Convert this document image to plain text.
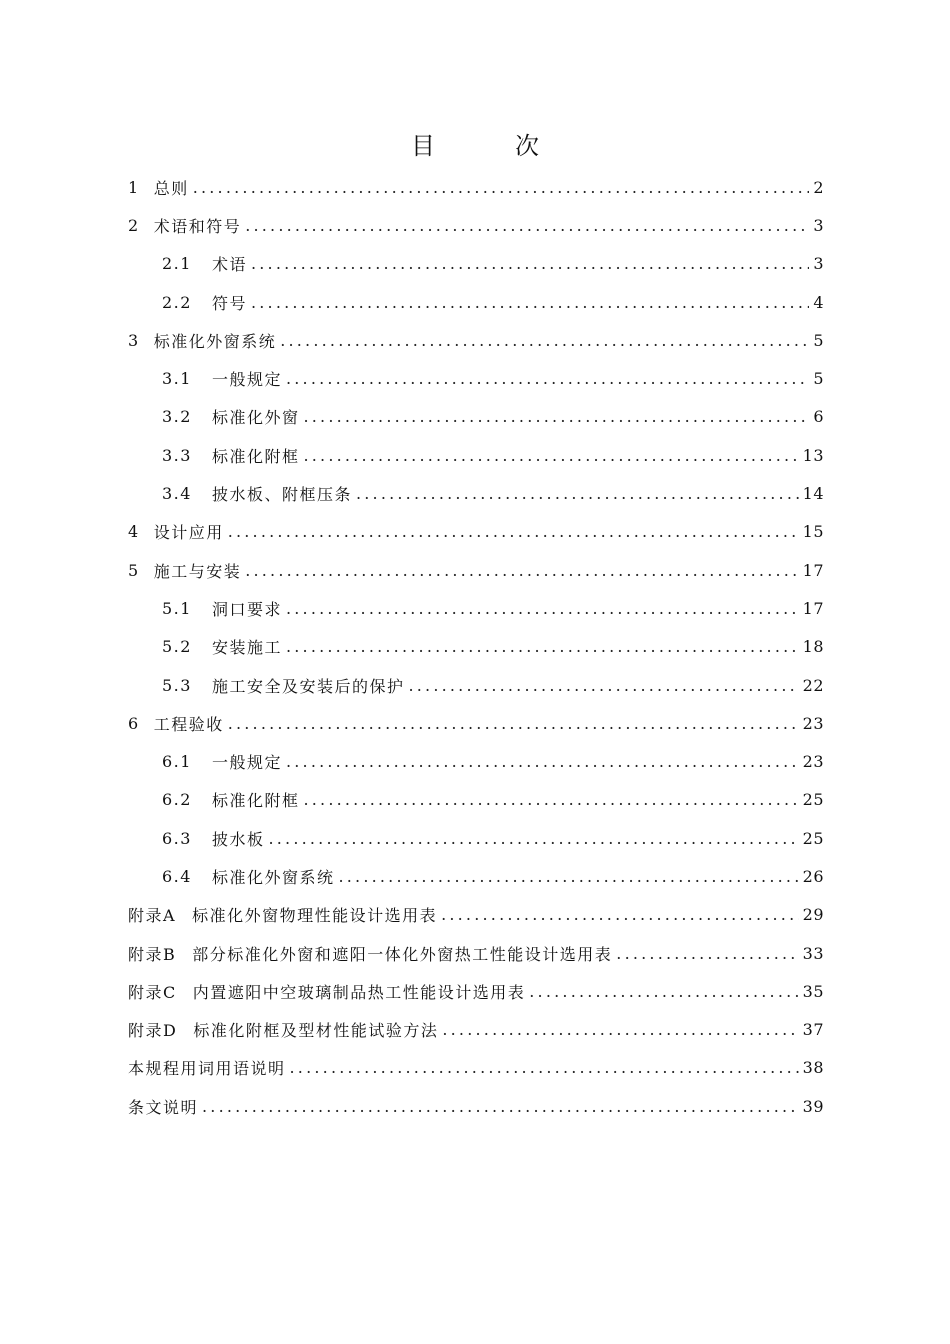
目　次
1 总则 .....	2
2 术语和符号 .....	3
2.1 术语 .....	3
2.2 符号 .....	4
3 标准化外窗系统 .....	5
3.1 一般规定 .....	5
3.2 标准化外窗 .....	6
3.3 标准化附框 .....	13
3.4 披水板、附框压条 .....	14
4 设计应用 .....	15
5 施工与安装 .....	17
5.1 洞口要求 .....	17
5.2 安装施工 .....	18
5.3 施工安全及安装后的保护 .....	22
6 工程验收 .....	23
6.1 一般规定 .....	23
6.2 标准化附框 .....	25
6.3 披水板 .....	25
6.4 标准化外窗系统 .....	26
附录A 标准化外窗物理性能设计选用表 .....	29
附录B 部分标准化外窗和遮阳一体化外窗热工性能设计选用表 .....	33
附录C 内置遮阳中空玻璃制品热工性能设计选用表 .....	35
附录D 标准化附框及型材性能试验方法 .....	37
本规程用词用语说明 .....	38
条文说明 .....	39
